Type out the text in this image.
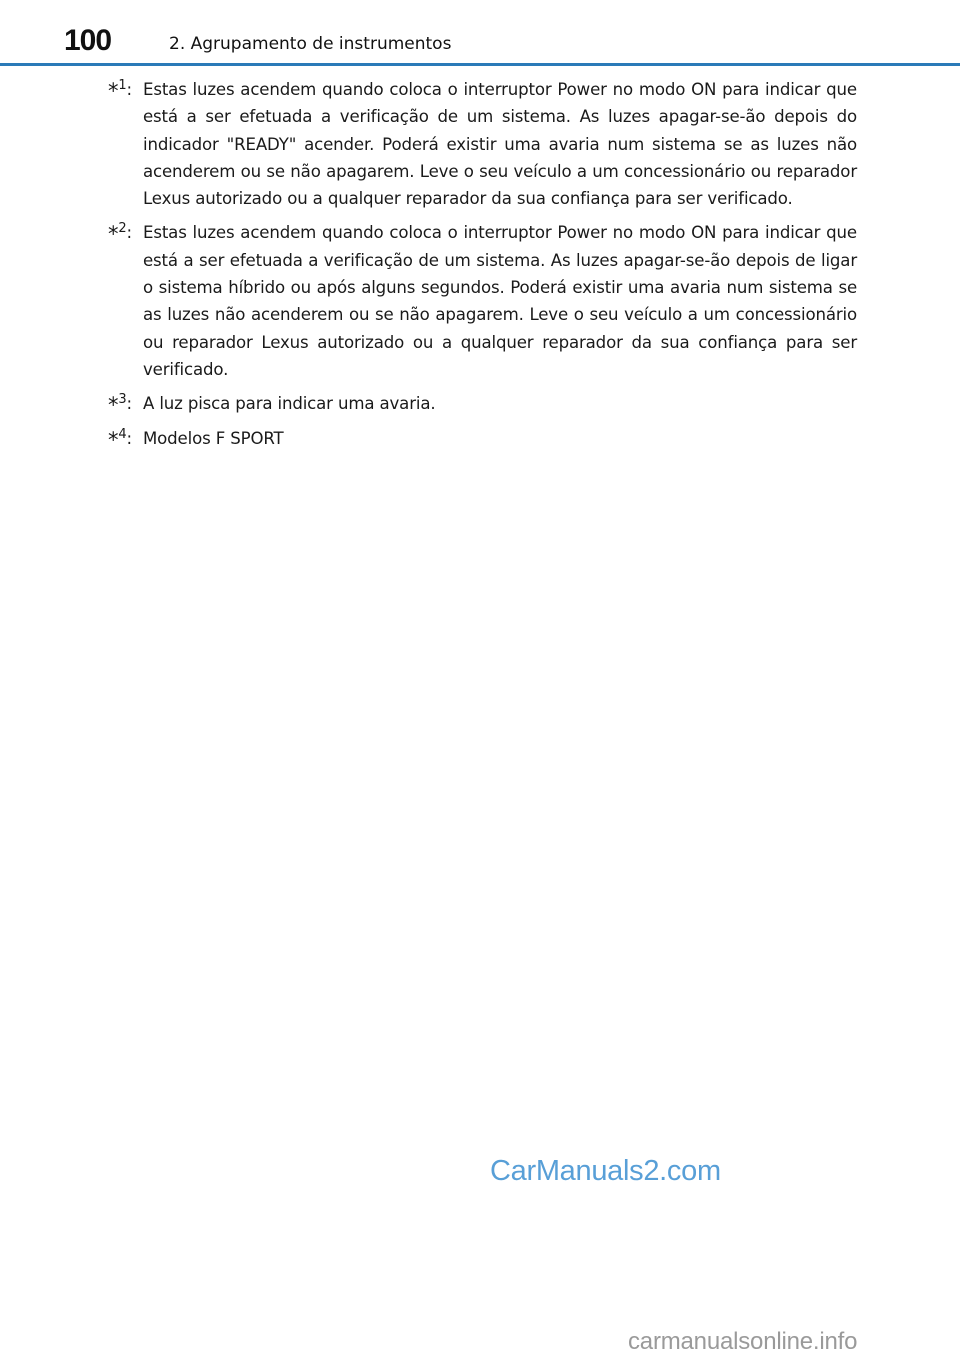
100	2. Agrupamento de instrumentos
*$^1$: Estas luzes acendem quando coloca o interruptor Power no modo ON para indicar que está a ser efetuada a verificação de um sistema. As luzes apagar-se-ão depois do indicador "READY" acender. Poderá existir uma avaria num sistema se as luzes não acenderem ou se não apagarem. Leve o seu veículo a um concessionário ou reparador Lexus autorizado ou a qualquer reparador da sua confiança para ser verificado.
*$^2$: Estas luzes acendem quando coloca o interruptor Power no modo ON para indicar que está a ser efetuada a verificação de um sistema. As luzes apagar-se-ão depois de ligar o sistema híbrido ou após alguns segundos. Poderá existir uma avaria num sistema se as luzes não acenderem ou se não apagarem. Leve o seu veículo a um concessionário ou reparador Lexus autorizado ou a qualquer reparador da sua confiança para ser verificado.
*$^3$: A luz pisca para indicar uma avaria.
*$^4$: Modelos F SPORT
CarManuals2.com
carmanualsonline.info
